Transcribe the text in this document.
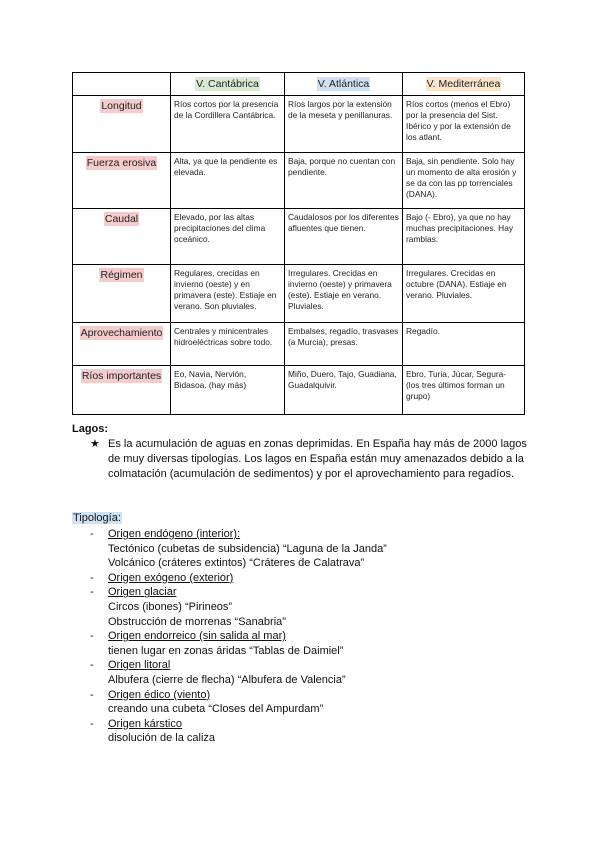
	V. Cantábrica	V. Atlántica	V. Mediterránea
Longitud	Ríos cortos por la presencia de la Cordillera Cantábrica.	Ríos largos por la extensión de la meseta y penillanuras.	Ríos cortos (menos el Ebro) por la presencia del Sist. Ibérico y por la extensión de los atlant.
Fuerza erosiva	Alta, ya que la pendiente es elevada.	Baja, porque no cuentan con pendiente.	Baja, sin pendiente. Solo hay un momento de alta erosión y se da con las pp torrenciales (DANA).
Caudal	Elevado, por las altas precipitaciones del clima oceánico.	Caudalosos por los diferentes afluentes que tienen.	Bajo (- Ebro), ya que no hay muchas precipitaciones. Hay ramblas.
Régimen	Regulares, crecidas en invierno (oeste) y en primavera (este). Estiaje en verano. Son pluviales.	Irregulares. Crecidas en invierno (oeste) y primavera (este). Estiaje en verano. Pluviales.	Irregulares. Crecidas en octubre (DANA). Estiaje en verano. Pluviales.
Aprovechamiento	Centrales y minicentrales hidroeléctricas sobre todo.	Embalses, regadío, trasvases (a Murcia), presas.	Regadío.
Ríos importantes	Eo, Navia, Nervión, Bidasoa. (hay más)	Miño, Duero, Tajo, Guadiana, Guadalquivir.	Ebro, Turia, Júcar, Segura- (los tres últimos forman un grupo)
Lagos:
★ Es la acumulación de aguas en zonas deprimidas. En España hay más de 2000 lagos de muy diversas tipologías. Los lagos en España están muy amenazados debido a la colmatación (acumulación de sedimentos) y por el aprovechamiento para regadíos.
Tipología:
- Origen endógeno (interior):
Tectónico (cubetas de subsidencia) “Laguna de la Janda”
Volcánico (cráteres extintos) “Cráteres de Calatrava”
- Origen exógeno (exterior)
- Origen glaciar
Circos (ibones) “Pirineos”
Obstrucción de morrenas “Sanabria”
- Origen endorreico (sin salida al mar)
tienen lugar en zonas áridas “Tablas de Daimiel”
- Origen litoral
Albufera (cierre de flecha) “Albufera de Valencia”
- Origen édico (viento)
creando una cubeta “Closes del Ampurdam”
- Origen kárstico
disolución de la caliza
